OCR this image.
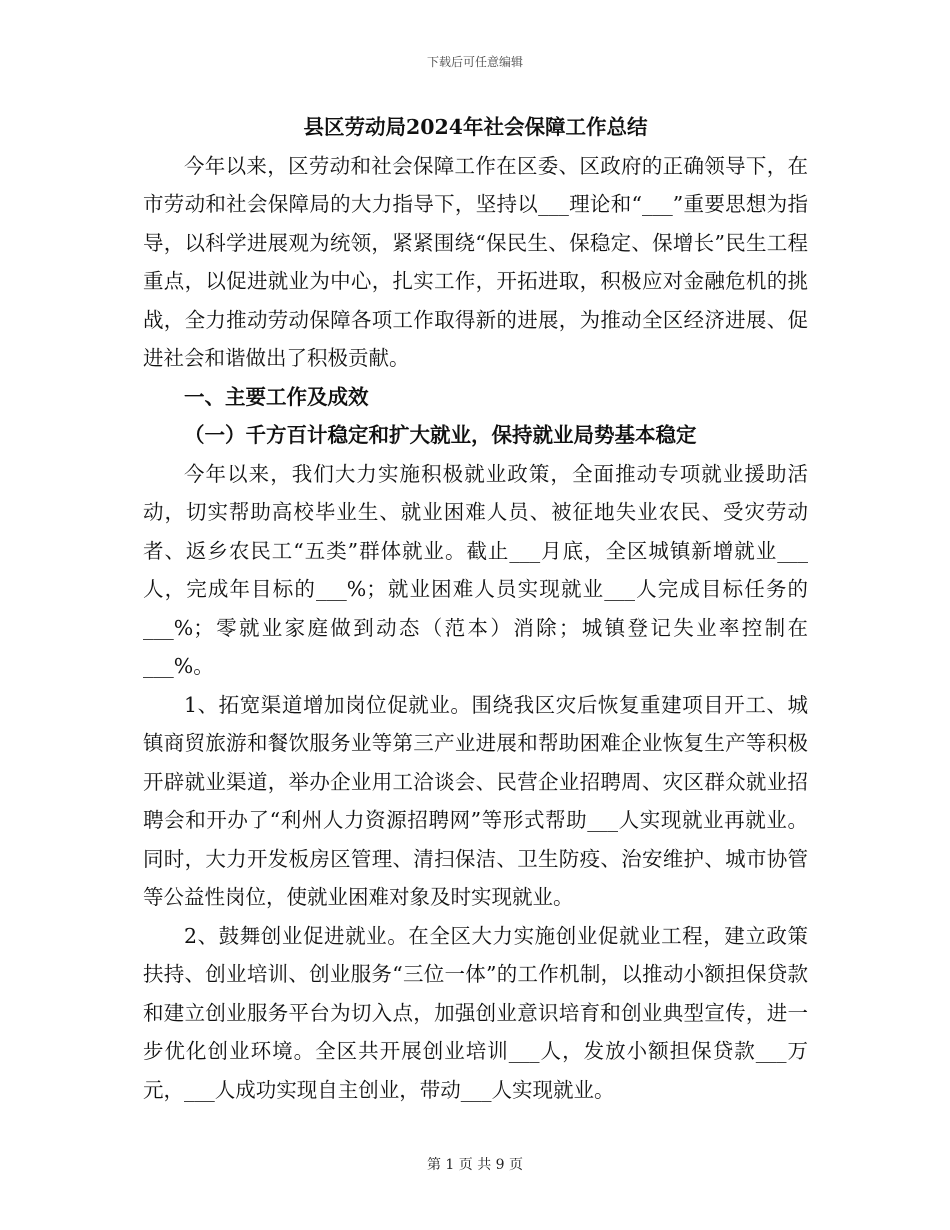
下载后可任意编辑
县区劳动局2024年社会保障工作总结

今年以来，区劳动和社会保障工作在区委、区政府的正确领导下，在市劳动和社会保障局的大力指导下，坚持以___理论和“___”重要思想为指导，以科学进展观为统领，紧紧围绕“保民生、保稳定、保增长”民生工程重点，以促进就业为中心，扎实工作，开拓进取，积极应对金融危机的挑战，全力推动劳动保障各项工作取得新的进展，为推动全区经济进展、促进社会和谐做出了积极贡献。

一、主要工作及成效

（一）千方百计稳定和扩大就业，保持就业局势基本稳定

今年以来，我们大力实施积极就业政策，全面推动专项就业援助活动，切实帮助高校毕业生、就业困难人员、被征地失业农民、受灾劳动者、返乡农民工“五类”群体就业。截止___月底，全区城镇新增就业___人，完成年目标的___%；就业困难人员实现就业___人完成目标任务的___%；零就业家庭做到动态（范本）消除；城镇登记失业率控制在___%。

1、拓宽渠道增加岗位促就业。围绕我区灾后恢复重建项目开工、城镇商贸旅游和餐饮服务业等第三产业进展和帮助困难企业恢复生产等积极开辟就业渠道，举办企业用工洽谈会、民营企业招聘周、灾区群众就业招聘会和开办了“利州人力资源招聘网”等形式帮助___人实现就业再就业。同时，大力开发板房区管理、清扫保洁、卫生防疫、治安维护、城市协管等公益性岗位，使就业困难对象及时实现就业。

2、鼓舞创业促进就业。在全区大力实施创业促就业工程，建立政策扶持、创业培训、创业服务“三位一体”的工作机制，以推动小额担保贷款和建立创业服务平台为切入点，加强创业意识培育和创业典型宣传，进一步优化创业环境。全区共开展创业培训___人，发放小额担保贷款___万元，___人成功实现自主创业，带动___人实现就业。

第 1 页 共 9 页
